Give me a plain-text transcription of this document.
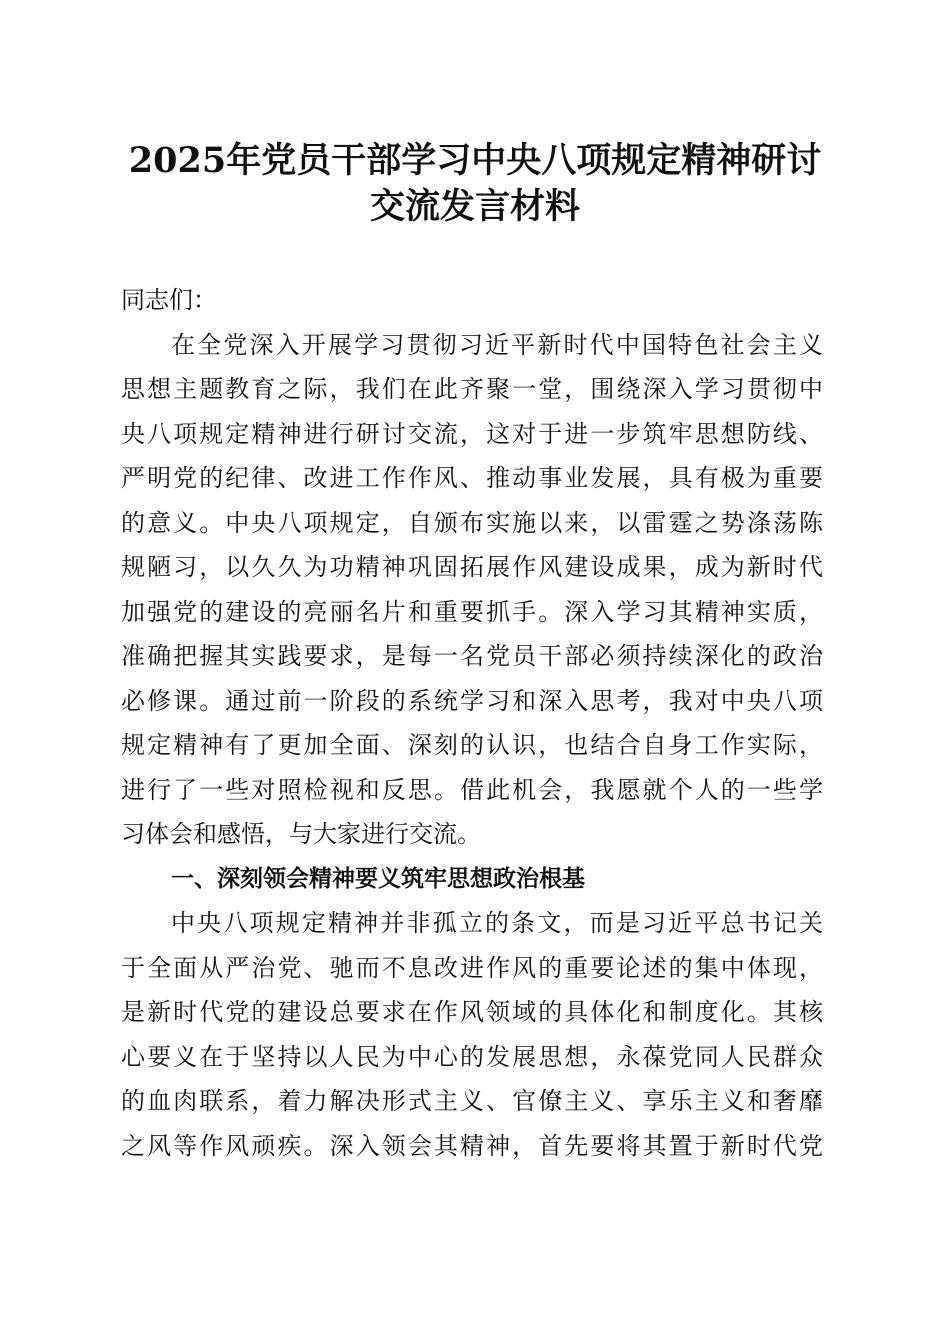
2025年党员干部学习中央八项规定精神研讨
交流发言材料
同志们：
在全党深入开展学习贯彻习近平新时代中国特色社会主义
思想主题教育之际，我们在此齐聚一堂，围绕深入学习贯彻中
央八项规定精神进行研讨交流，这对于进一步筑牢思想防线、
严明党的纪律、改进工作作风、推动事业发展，具有极为重要
的意义。中央八项规定，自颁布实施以来，以雷霆之势涤荡陈
规陋习，以久久为功精神巩固拓展作风建设成果，成为新时代
加强党的建设的亮丽名片和重要抓手。深入学习其精神实质，
准确把握其实践要求，是每一名党员干部必须持续深化的政治
必修课。通过前一阶段的系统学习和深入思考，我对中央八项
规定精神有了更加全面、深刻的认识，也结合自身工作实际，
进行了一些对照检视和反思。借此机会，我愿就个人的一些学
习体会和感悟，与大家进行交流。
一、深刻领会精神要义筑牢思想政治根基
中央八项规定精神并非孤立的条文，而是习近平总书记关
于全面从严治党、驰而不息改进作风的重要论述的集中体现，
是新时代党的建设总要求在作风领域的具体化和制度化。其核
心要义在于坚持以人民为中心的发展思想，永葆党同人民群众
的血肉联系，着力解决形式主义、官僚主义、享乐主义和奢靡
之风等作风顽疾。深入领会其精神，首先要将其置于新时代党
